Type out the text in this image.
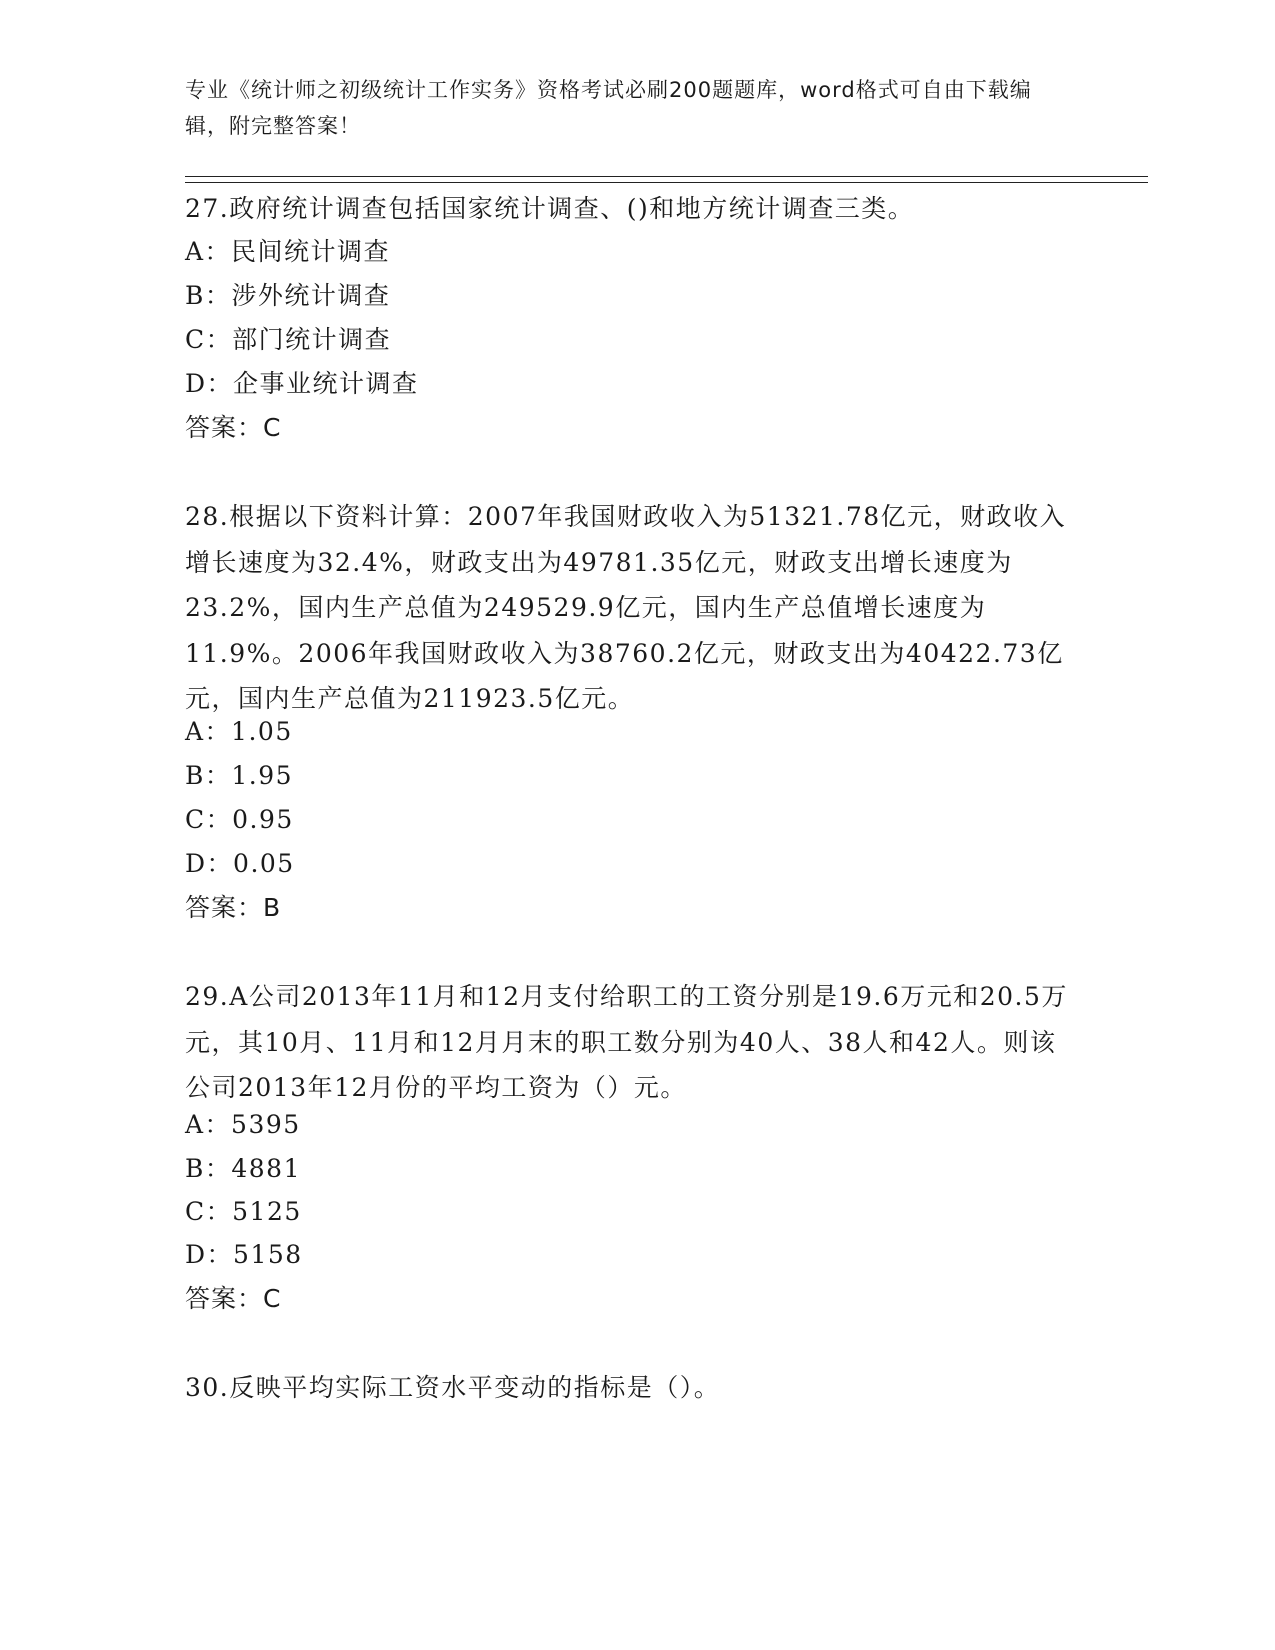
专业《统计师之初级统计工作实务》资格考试必刷200题题库，word格式可自由下载编辑，附完整答案！
27.政府统计调查包括国家统计调查、()和地方统计调查三类。
A：民间统计调查
B：涉外统计调查
C：部门统计调查
D：企事业统计调查
答案：C
28.根据以下资料计算：2007年我国财政收入为51321.78亿元，财政收入增长速度为32.4%，财政支出为49781.35亿元，财政支出增长速度为23.2%，国内生产总值为249529.9亿元，国内生产总值增长速度为11.9%。2006年我国财政收入为38760.2亿元，财政支出为40422.73亿元，国内生产总值为211923.5亿元。
A：1.05
B：1.95
C：0.95
D：0.05
答案：B
29.A公司2013年11月和12月支付给职工的工资分别是19.6万元和20.5万元，其10月、11月和12月月末的职工数分别为40人、38人和42人。则该公司2013年12月份的平均工资为（）元。
A：5395
B：4881
C：5125
D：5158
答案：C
30.反映平均实际工资水平变动的指标是（）。
